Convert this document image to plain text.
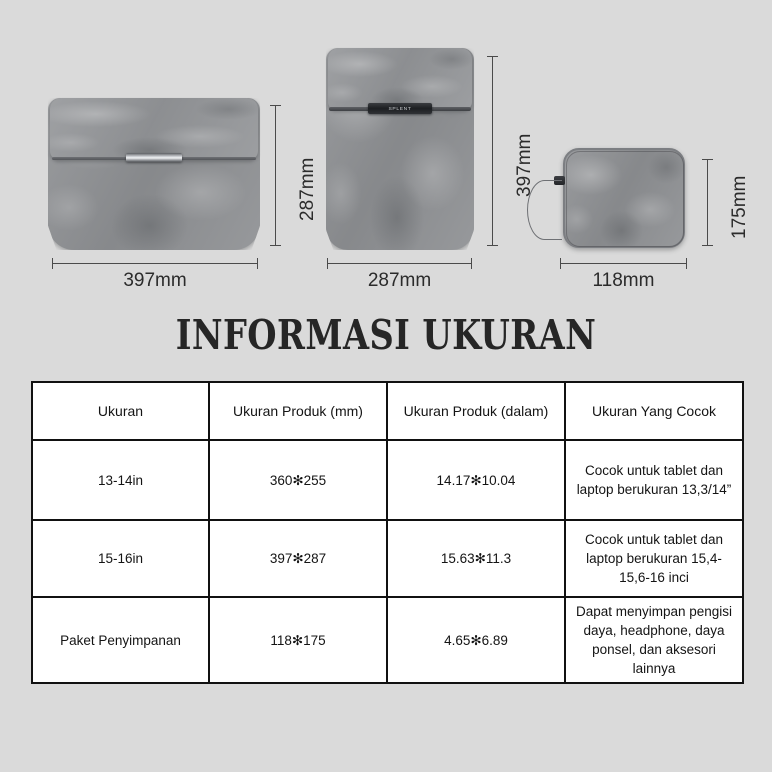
287mm
397mm
SPLENT
397mm
287mm
175mm
118mm
INFORMASI UKURAN
Ukuran	Ukuran Produk (mm)	Ukuran Produk (dalam)	Ukuran Yang Cocok
13-14in	360✻255	14.17✻10.04	Cocok untuk tablet dan laptop berukuran 13,3/14”
15-16in	397✻287	15.63✻11.3	Cocok untuk tablet dan laptop berukuran 15,4-15,6-16 inci
Paket Penyimpanan	118✻175	4.65✻6.89	Dapat menyimpan pengisi daya, headphone, daya ponsel, dan aksesori lainnya
